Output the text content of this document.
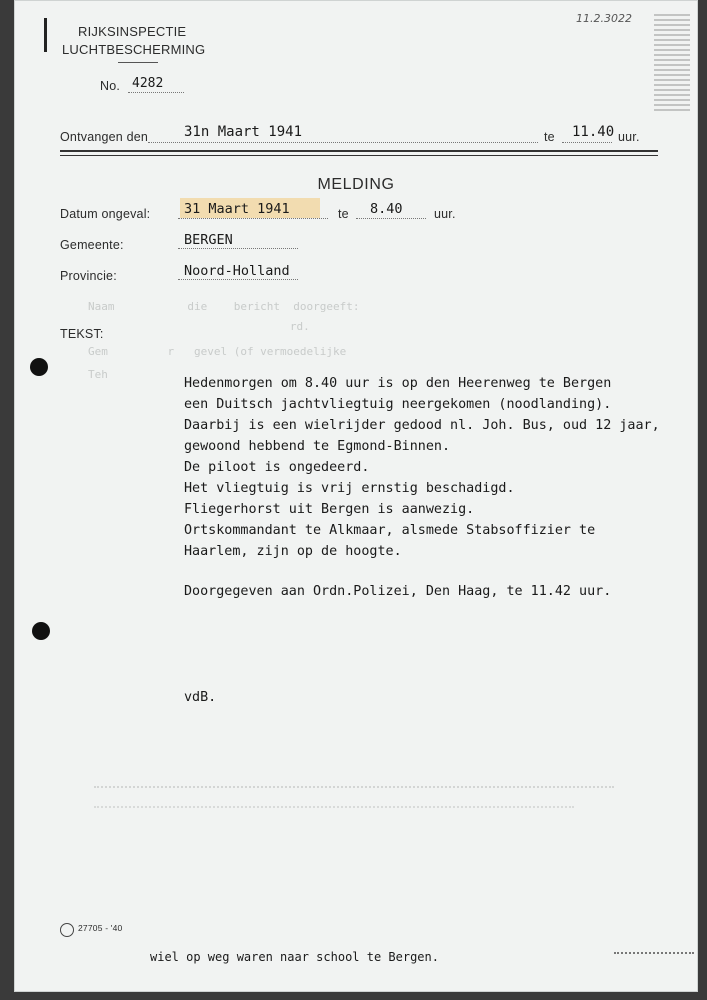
RIJKSINSPECTIE
LUCHTBESCHERMING
11.2.3022
No. 4282
Ontvangen den	31n Maart 1941	te 11.40 uur.
MELDING
Datum ongeval: 31 Maart 1941	te 8.40	uur.
Gemeente:	BERGEN
Provincie:	Noord-Holland
Naam           die    bericht  doorgeeft:
TEKST:
rd.
Gem         r   gevel (of vermoedelijke
Teh
Hedenmorgen om 8.40 uur is op den Heerenweg te Bergen
een Duitsch jachtvliegtuig neergekomen (noodlanding).
Daarbij is een wielrijder gedood nl. Joh. Bus, oud 12 jaar,
gewoond hebbend te Egmond-Binnen.
De piloot is ongedeerd.
Het vliegtuig is vrij ernstig beschadigd.
Fliegerhorst uit Bergen is aanwezig.
Ortskommandant te Alkmaar, alsmede Stabsoffizier te
Haarlem, zijn op de hoogte.
Doorgegeven aan Ordn.Polizei, Den Haag, te 11.42 uur.
vdB.
27705 - '40
wiel op weg waren naar school te Bergen.
